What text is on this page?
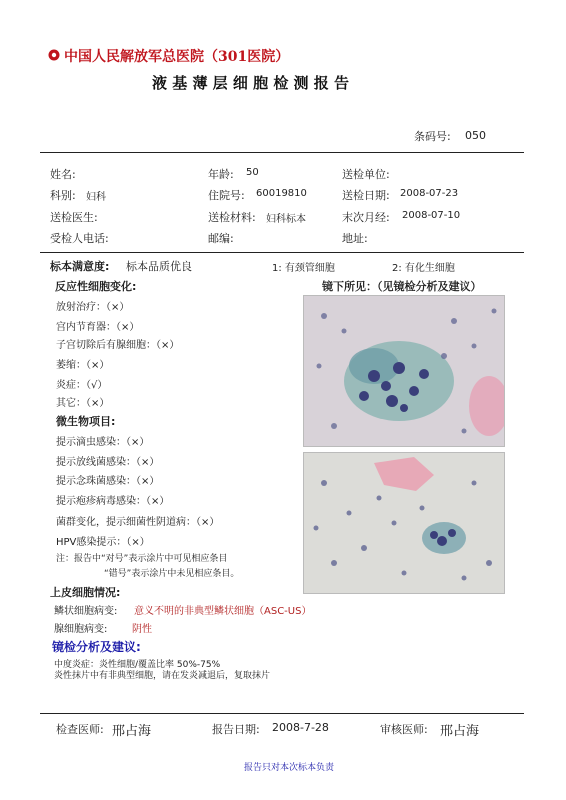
中国人民解放军总医院（301医院）
液 基 薄 层 细 胞 检 测 报 告
条码号: 050
姓名:	年龄: 50	送检单位:
科别: 妇科	住院号: 60019810	送检日期: 2008-07-23
送检医生:	送检材料: 妇科标本	末次月经: 2008-07-10
受检人电话:	邮编:	地址:
标本满意度: 标本品质优良	1: 有颈管细胞	2: 有化生细胞
反应性细胞变化:
放射治疗：（×）
宫内节育器：（×）
子宫切除后有腺细胞：（×）
萎缩：（×）
炎症：（√）
其它：（×）
微生物项目:
提示滴虫感染：（×）
提示放线菌感染：（×）
提示念珠菌感染：（×）
提示疱疹病毒感染：（×）
菌群变化，提示细菌性阴道病：（×）
HPV感染提示：（×）
注：报告中“对号”表示涂片中可见相应条目
“错号”表示涂片中未见相应条目。
镜下所见：（见镜检分析及建议）
上皮细胞情况:
鳞状细胞病变: 意义不明的非典型鳞状细胞（ASC-US）
腺细胞病变: 阴性
镜检分析及建议:
中度炎症：炎性细胞/覆盖比率 50%-75%
炎性抹片中有非典型细胞，请在发炎减退后，复取抹片
检查医师: 邢占海	报告日期: 2008-7-28	审核医师: 邢占海
报告只对本次标本负责
